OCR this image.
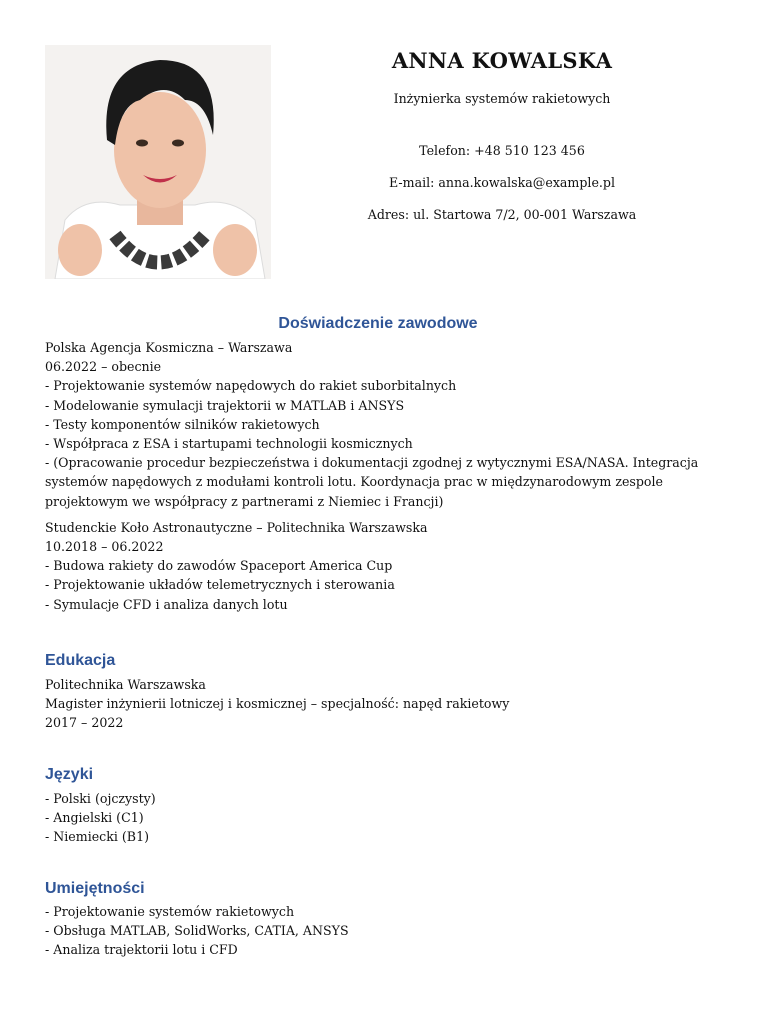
ANNA KOWALSKA
Inżynierka systemów rakietowych
Telefon: +48 510 123 456
E-mail: anna.kowalska@example.pl
Adres: ul. Startowa 7/2, 00-001 Warszawa
Doświadczenie zawodowe
Polska Agencja Kosmiczna – Warszawa
06.2022 – obecnie
- Projektowanie systemów napędowych do rakiet suborbitalnych
- Modelowanie symulacji trajektorii w MATLAB i ANSYS
- Testy komponentów silników rakietowych
- Współpraca z ESA i startupami technologii kosmicznych
- (Opracowanie procedur bezpieczeństwa i dokumentacji zgodnej z wytycznymi ESA/NASA. Integracja systemów napędowych z modułami kontroli lotu. Koordynacja prac w międzynarodowym zespole projektowym we współpracy z partnerami z Niemiec i Francji)
Studenckie Koło Astronautyczne – Politechnika Warszawska
10.2018 – 06.2022
- Budowa rakiety do zawodów Spaceport America Cup
- Projektowanie układów telemetrycznych i sterowania
- Symulacje CFD i analiza danych lotu
Edukacja
Politechnika Warszawska
Magister inżynierii lotniczej i kosmicznej – specjalność: napęd rakietowy
2017 – 2022
Języki
- Polski (ojczysty)
- Angielski (C1)
- Niemiecki (B1)
Umiejętności
- Projektowanie systemów rakietowych
- Obsługa MATLAB, SolidWorks, CATIA, ANSYS
- Analiza trajektorii lotu i CFD
